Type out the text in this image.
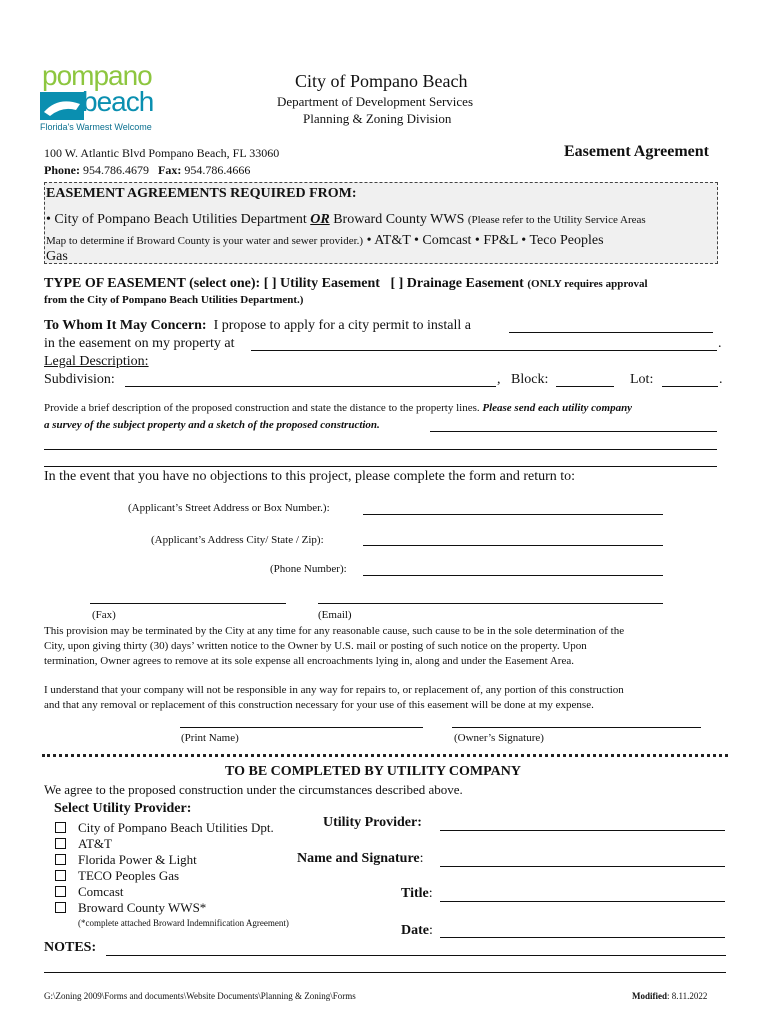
pompano
beach
Florida's Warmest Welcome
City of Pompano Beach
Department of Development Services
Planning & Zoning Division
100 W. Atlantic Blvd Pompano Beach, FL 33060
Phone: 954.786.4679 Fax: 954.786.4666
Easement Agreement
EASEMENT AGREEMENTS REQUIRED FROM:
• City of Pompano Beach Utilities Department OR Broward County WWS (Please refer to the Utility Service Areas
Map to determine if Broward County is your water and sewer provider.) • AT&T • Comcast • FP&L • Teco Peoples
Gas
TYPE OF EASEMENT (select one): [ ] Utility Easement [ ] Drainage Easement (ONLY requires approval
from the City of Pompano Beach Utilities Department.)
To Whom It May Concern: I propose to apply for a city permit to install a
in the easement on my property at	.
Legal Description:
Subdivision:	, Block:	Lot:	.
Provide a brief description of the proposed construction and state the distance to the property lines. Please send each utility company
a survey of the subject property and a sketch of the proposed construction.
In the event that you have no objections to this project, please complete the form and return to:
(Applicant’s Street Address or Box Number.):
(Applicant’s Address City/ State / Zip):
(Phone Number):
(Fax)	(Email)
This provision may be terminated by the City at any time for any reasonable cause, such cause to be in the sole determination of the
City, upon giving thirty (30) days’ written notice to the Owner by U.S. mail or posting of such notice on the property. Upon
termination, Owner agrees to remove at its sole expense all encroachments lying in, along and under the Easement Area.
I understand that your company will not be responsible in any way for repairs to, or replacement of, any portion of this construction
and that any removal or replacement of this construction necessary for your use of this easement will be done at my expense.
(Print Name)	(Owner’s Signature)
TO BE COMPLETED BY UTILITY COMPANY
We agree to the proposed construction under the circumstances described above.
Select Utility Provider:
City of Pompano Beach Utilities Dpt.
AT&T
Florida Power & Light
TECO Peoples Gas
Comcast
Broward County WWS*
(*complete attached Broward Indemnification Agreement)
Utility Provider:
Name and Signature:
Title:
Date:
NOTES:
G:\Zoning 2009\Forms and documents\Website Documents\Planning & Zoning\Forms	Modified: 8.11.2022
